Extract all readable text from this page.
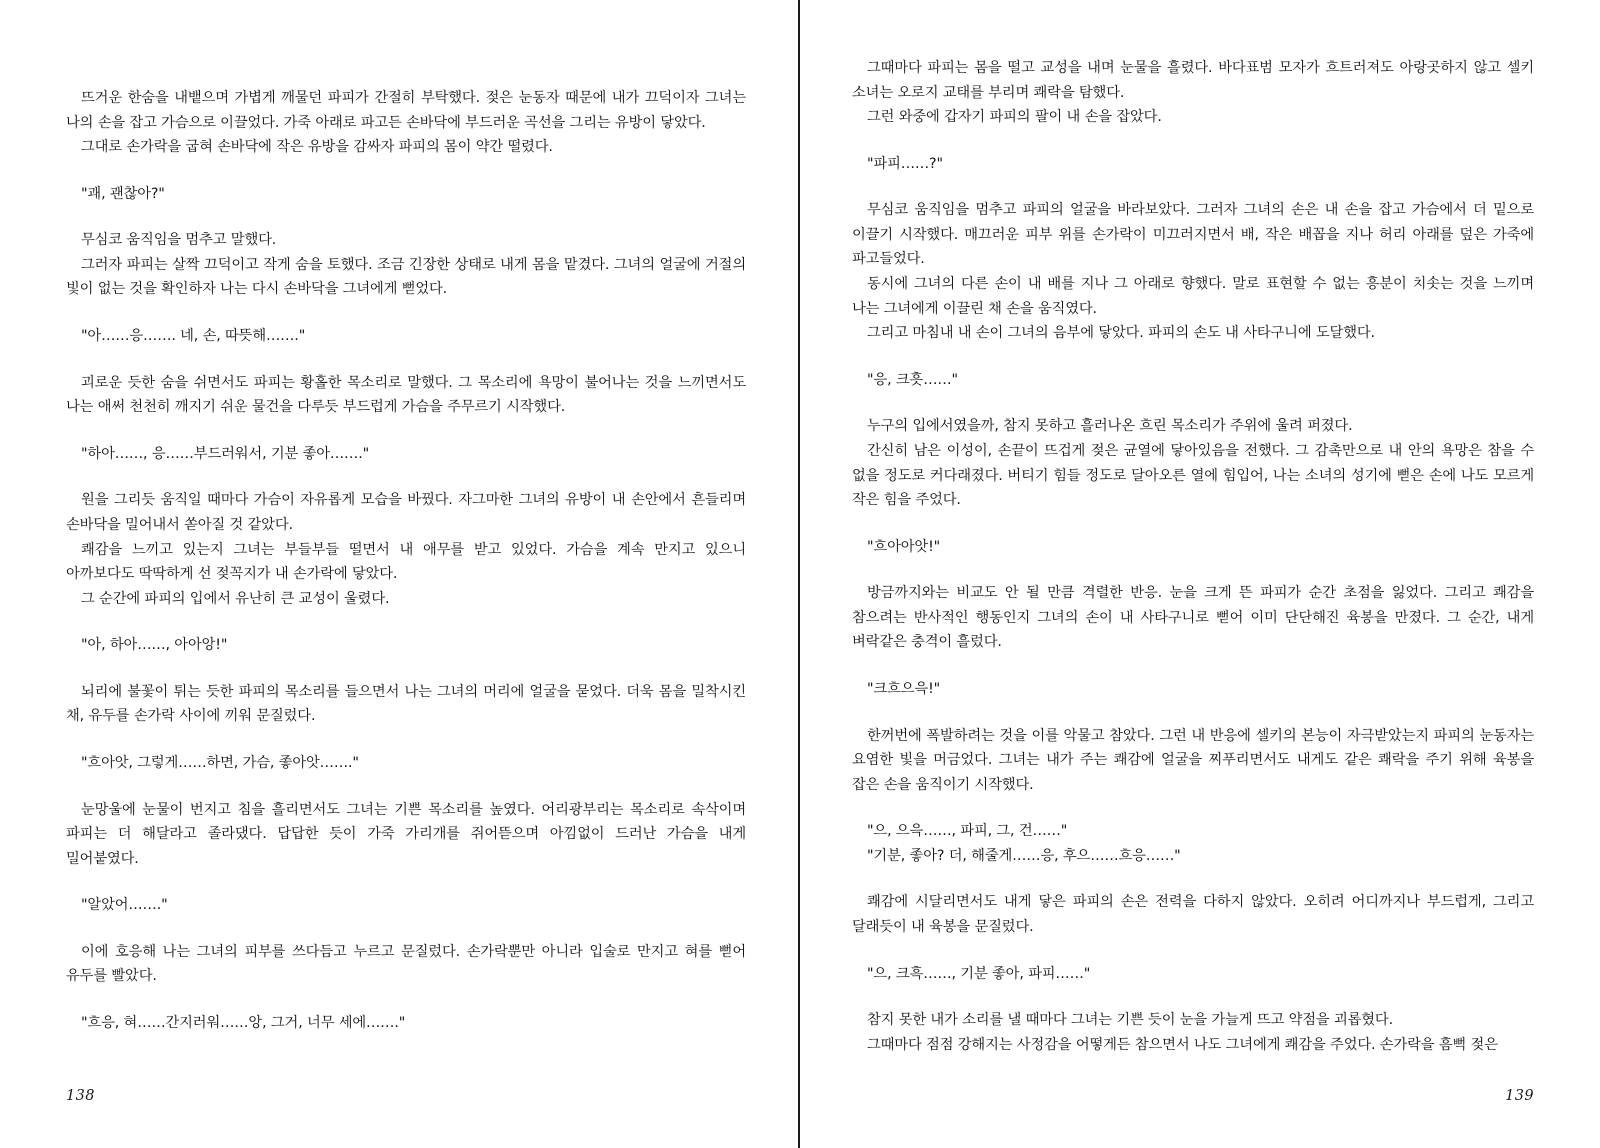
뜨거운 한숨을 내뱉으며 가볍게 깨물던 파피가 간절히 부탁했다. 젖은 눈동자 때문에 내가 끄덕이자 그녀는 나의 손을 잡고 가슴으로 이끌었다. 가죽 아래로 파고든 손바닥에 부드러운 곡선을 그리는 유방이 닿았다.

그대로 손가락을 굽혀 손바닥에 작은 유방을 감싸자 파피의 몸이 약간 떨렸다.

"괘, 괜찮아?"

무심코 움직임을 멈추고 말했다.

그러자 파피는 살짝 끄덕이고 작게 숨을 토했다. 조금 긴장한 상태로 내게 몸을 맡겼다. 그녀의 얼굴에 거절의 빛이 없는 것을 확인하자 나는 다시 손바닥을 그녀에게 뻗었다.

"아……응……. 네, 손, 따뜻해……."

괴로운 듯한 숨을 쉬면서도 파피는 황홀한 목소리로 말했다. 그 목소리에 욕망이 불어나는 것을 느끼면서도 나는 애써 천천히 깨지기 쉬운 물건을 다루듯 부드럽게 가슴을 주무르기 시작했다.

"하아……, 응……부드러워서, 기분 좋아……."

원을 그리듯 움직일 때마다 가슴이 자유롭게 모습을 바꿨다. 자그마한 그녀의 유방이 내 손안에서 흔들리며 손바닥을 밀어내서 쏟아질 것 같았다.

쾌감을 느끼고 있는지 그녀는 부들부들 떨면서 내 애무를 받고 있었다. 가슴을 계속 만지고 있으니 아까보다도 딱딱하게 선 젖꼭지가 내 손가락에 닿았다.

그 순간에 파피의 입에서 유난히 큰 교성이 울렸다.

"아, 하아……, 아아앙!"

뇌리에 불꽃이 튀는 듯한 파피의 목소리를 들으면서 나는 그녀의 머리에 얼굴을 묻었다. 더욱 몸을 밀착시킨 채, 유두를 손가락 사이에 끼워 문질렀다.

"흐아앗, 그렇게……하면, 가슴, 좋아앗……."

눈망울에 눈물이 번지고 침을 흘리면서도 그녀는 기쁜 목소리를 높였다. 어리광부리는 목소리로 속삭이며 파피는 더 해달라고 졸라댔다. 답답한 듯이 가죽 가리개를 쥐어뜯으며 아낌없이 드러난 가슴을 내게 밀어붙였다.

"알았어……."

이에 호응해 나는 그녀의 피부를 쓰다듬고 누르고 문질렀다. 손가락뿐만 아니라 입술로 만지고 혀를 뻗어 유두를 빨았다.

"흐응, 혀……간지러워……앙, 그거, 너무 세에……."

138

그때마다 파피는 몸을 떨고 교성을 내며 눈물을 흘렸다. 바다표범 모자가 흐트러져도 아랑곳하지 않고 셀키 소녀는 오로지 교태를 부리며 쾌락을 탐했다.

그런 와중에 갑자기 파피의 팔이 내 손을 잡았다.

"파피……?"

무심코 움직임을 멈추고 파피의 얼굴을 바라보았다. 그러자 그녀의 손은 내 손을 잡고 가슴에서 더 밑으로 이끌기 시작했다. 매끄러운 피부 위를 손가락이 미끄러지면서 배, 작은 배꼽을 지나 허리 아래를 덮은 가죽에 파고들었다.

동시에 그녀의 다른 손이 내 배를 지나 그 아래로 향했다. 말로 표현할 수 없는 흥분이 치솟는 것을 느끼며 나는 그녀에게 이끌린 채 손을 움직였다.

그리고 마침내 내 손이 그녀의 음부에 닿았다. 파피의 손도 내 사타구니에 도달했다.

"응, 크흣……"

누구의 입에서였을까, 참지 못하고 흘러나온 흐린 목소리가 주위에 울려 퍼졌다.

간신히 남은 이성이, 손끝이 뜨겁게 젖은 균열에 닿아있음을 전했다. 그 감촉만으로 내 안의 욕망은 참을 수 없을 정도로 커다래졌다. 버티기 힘들 정도로 달아오른 열에 힘입어, 나는 소녀의 성기에 뻗은 손에 나도 모르게 작은 힘을 주었다.

"흐아아앗!"

방금까지와는 비교도 안 될 만큼 격렬한 반응. 눈을 크게 뜬 파피가 순간 초점을 잃었다. 그리고 쾌감을 참으려는 반사적인 행동인지 그녀의 손이 내 사타구니로 뻗어 이미 단단해진 육봉을 만졌다. 그 순간, 내게 벼락같은 충격이 흘렀다.

"크흐으윽!"

한꺼번에 폭발하려는 것을 이를 악물고 참았다. 그런 내 반응에 셀키의 본능이 자극받았는지 파피의 눈동자는 요염한 빛을 머금었다. 그녀는 내가 주는 쾌감에 얼굴을 찌푸리면서도 내게도 같은 쾌락을 주기 위해 육봉을 잡은 손을 움직이기 시작했다.

"으, 으윽……, 파피, 그, 건……"

"기분, 좋아? 더, 해줄게……응, 후으……흐응……"

쾌감에 시달리면서도 내게 닿은 파피의 손은 전력을 다하지 않았다. 오히려 어디까지나 부드럽게, 그리고 달래듯이 내 육봉을 문질렀다.

"으, 크흑……, 기분 좋아, 파피……"

참지 못한 내가 소리를 낼 때마다 그녀는 기쁜 듯이 눈을 가늘게 뜨고 약점을 괴롭혔다.

그때마다 점점 강해지는 사정감을 어떻게든 참으면서 나도 그녀에게 쾌감을 주었다. 손가락을 흠뻑 젖은

139
